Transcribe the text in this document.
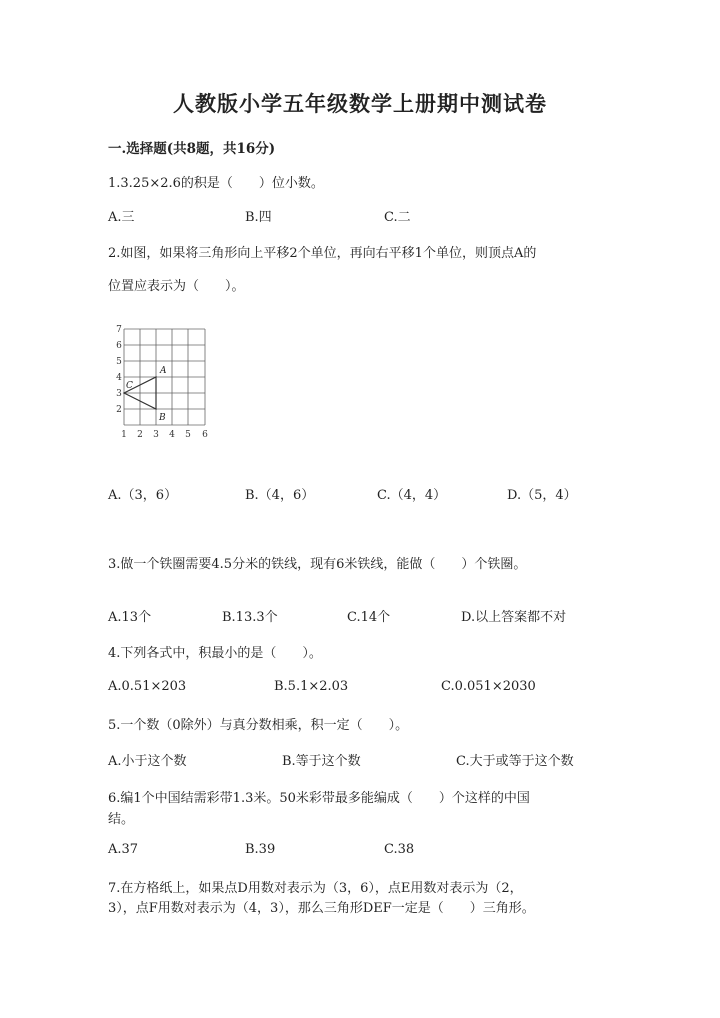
人教版小学五年级数学上册期中测试卷
一.选择题(共8题，共16分)
1.3.25×2.6的积是（　　）位小数。
A.三	B.四	C.二
2.如图，如果将三角形向上平移2个单位，再向右平移1个单位，则顶点A的
位置应表示为（　　）。
7
6
5
4
3
2
1 2 3 4 5 6
A
B
C
A.（3，6）	B.（4，6）	C.（4，4）	D.（5，4）
3.做一个铁圈需要4.5分米的铁线，现有6米铁线，能做（　　）个铁圈。
A.13个	B.13.3个	C.14个	D.以上答案都不对
4.下列各式中，积最小的是（　　）。
A.0.51×203	B.5.1×2.03	C.0.051×2030
5.一个数（0除外）与真分数相乘，积一定（　　）。
A.小于这个数	B.等于这个数	C.大于或等于这个数
6.编1个中国结需彩带1.3米。50米彩带最多能编成（　　）个这样的中国
结。
A.37	B.39	C.38
7.在方格纸上，如果点D用数对表示为（3，6），点E用数对表示为（2，
3），点F用数对表示为（4，3），那么三角形DEF一定是（　　）三角形。
